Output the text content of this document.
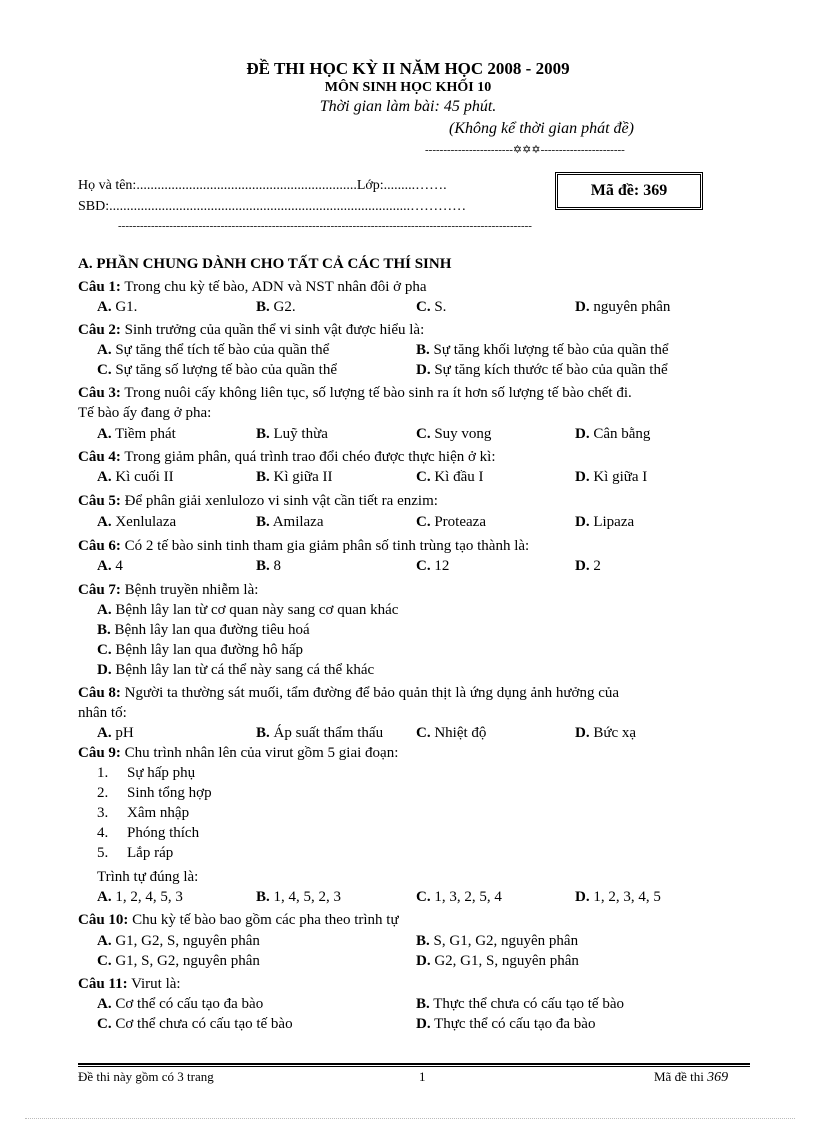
ĐỀ THI HỌC KỲ II NĂM HỌC 2008 - 2009
MÔN SINH HỌC KHỐI 10
Thời gian làm bài: 45 phút.
(Không kể thời gian phát đề)
------------------------✡✡✡-----------------------
Họ và tên:...............................................................Lớp:.........…….
SBD:......................................................................................…………
Mã đề: 369
-----------------------------------------------------------------------------------------------------------------
A. PHẦN CHUNG DÀNH CHO TẤT CẢ CÁC THÍ SINH
Câu 1: Trong chu kỳ tế bào, ADN và NST nhân đôi ở pha
A. G1.	B. G2.	C. S.	D. nguyên phân
Câu 2: Sinh trưởng của quần thể vi sinh vật được hiểu là:
A. Sự tăng thể tích tế bào của quần thể	B. Sự tăng khối lượng tế bào của quần thể
C. Sự tăng số lượng tế bào của quần thể	D. Sự tăng kích thước tế bào của quần thể
Câu 3: Trong nuôi cấy không liên tục, số lượng tế bào sinh ra ít hơn số lượng tế bào chết đi.
Tế bào ấy đang ở pha:
A. Tiềm phát	B. Luỹ thừa	C. Suy vong	D. Cân bằng
Câu 4: Trong giảm phân, quá trình trao đổi chéo được thực hiện ở kì:
A. Kì cuối II	B. Kì giữa II	C. Kì đầu I	D. Kì giữa I
Câu 5: Để phân giải xenlulozo vi sinh vật cần tiết ra enzim:
A. Xenlulaza	B. Amilaza	C. Proteaza	D. Lipaza
Câu 6: Có 2 tế bào sinh tinh tham gia giảm phân số tinh trùng tạo thành là:
A. 4	B. 8	C. 12	D. 2
Câu 7: Bệnh truyền nhiễm là:
A. Bệnh lây lan từ cơ quan này sang cơ quan khác
B. Bệnh lây lan qua đường tiêu hoá
C. Bệnh lây lan qua đường hô hấp
D. Bệnh lây lan từ cá thể này sang cá thể khác
Câu 8: Người ta thường sát muối, tẩm đường để bảo quản thịt là ứng dụng ảnh hưởng của
nhân tố:
A. pH	B. Áp suất thẩm thấu C. Nhiệt độ	D. Bức xạ
Câu 9: Chu trình nhân lên của virut gồm 5 giai đoạn:
1. Sự hấp phụ
2. Sinh tổng hợp
3. Xâm nhập
4. Phóng thích
5. Lắp ráp
Trình tự đúng là:
A. 1, 2, 4, 5, 3	B. 1, 4, 5, 2, 3	C. 1, 3, 2, 5, 4	D. 1, 2, 3, 4, 5
Câu 10: Chu kỳ tế bào bao gồm các pha theo trình tự
A. G1, G2, S, nguyên phân	B. S, G1, G2, nguyên phân
C. G1, S, G2, nguyên phân	D. G2, G1, S, nguyên phân
Câu 11: Virut là:
A. Cơ thể có cấu tạo đa bào	B. Thực thể chưa có cấu tạo tế bào
C. Cơ thể chưa có cấu tạo tế bào	D. Thực thể có cấu tạo đa bào
Đề thi này gồm có 3 trang	1	Mã đề thi 369
